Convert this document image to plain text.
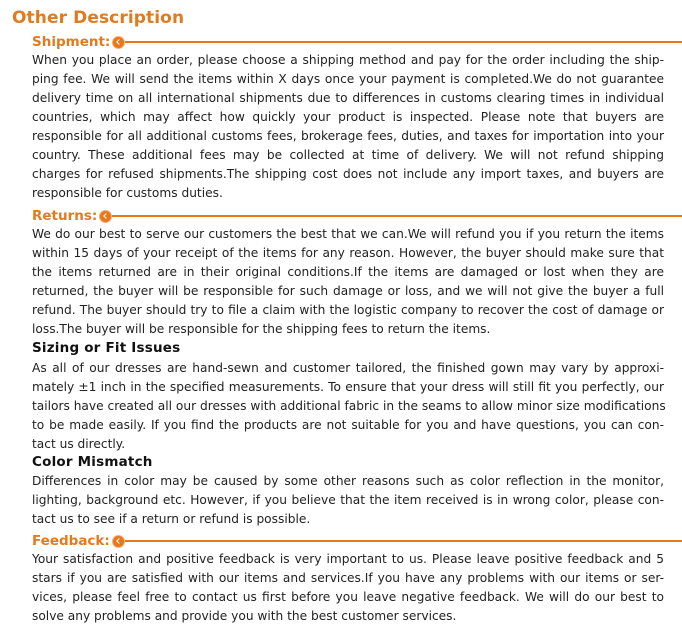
Other Description
Shipment:
When you place an order, please choose a shipping method and pay for the order including the ship-
ping fee. We will send the items within X days once your payment is completed.We do not guarantee
delivery time on all international shipments due to differences in customs clearing times in individual
countries, which may affect how quickly your product is inspected. Please note that buyers are
responsible for all additional customs fees, brokerage fees, duties, and taxes for importation into your
country. These additional fees may be collected at time of delivery. We will not refund shipping
charges for refused shipments.The shipping cost does not include any import taxes, and buyers are
responsible for customs duties.
Returns:
We do our best to serve our customers the best that we can.We will refund you if you return the items
within 15 days of your receipt of the items for any reason. However, the buyer should make sure that
the items returned are in their original conditions.If the items are damaged or lost when they are
returned, the buyer will be responsible for such damage or loss, and we will not give the buyer a full
refund. The buyer should try to file a claim with the logistic company to recover the cost of damage or
loss.The buyer will be responsible for the shipping fees to return the items.
Sizing or Fit Issues
As all of our dresses are hand-sewn and customer tailored, the finished gown may vary by approxi-
mately ±1 inch in the specified measurements. To ensure that your dress will still fit you perfectly, our
tailors have created all our dresses with additional fabric in the seams to allow minor size modifications
to be made easily. If you find the products are not suitable for you and have questions, you can con-
tact us directly.
Color Mismatch
Differences in color may be caused by some other reasons such as color reflection in the monitor,
lighting, background etc. However, if you believe that the item received is in wrong color, please con-
tact us to see if a return or refund is possible.
Feedback:
Your satisfaction and positive feedback is very important to us. Please leave positive feedback and 5
stars if you are satisfied with our items and services.If you have any problems with our items or ser-
vices, please feel free to contact us first before you leave negative feedback. We will do our best to
solve any problems and provide you with the best customer services.
